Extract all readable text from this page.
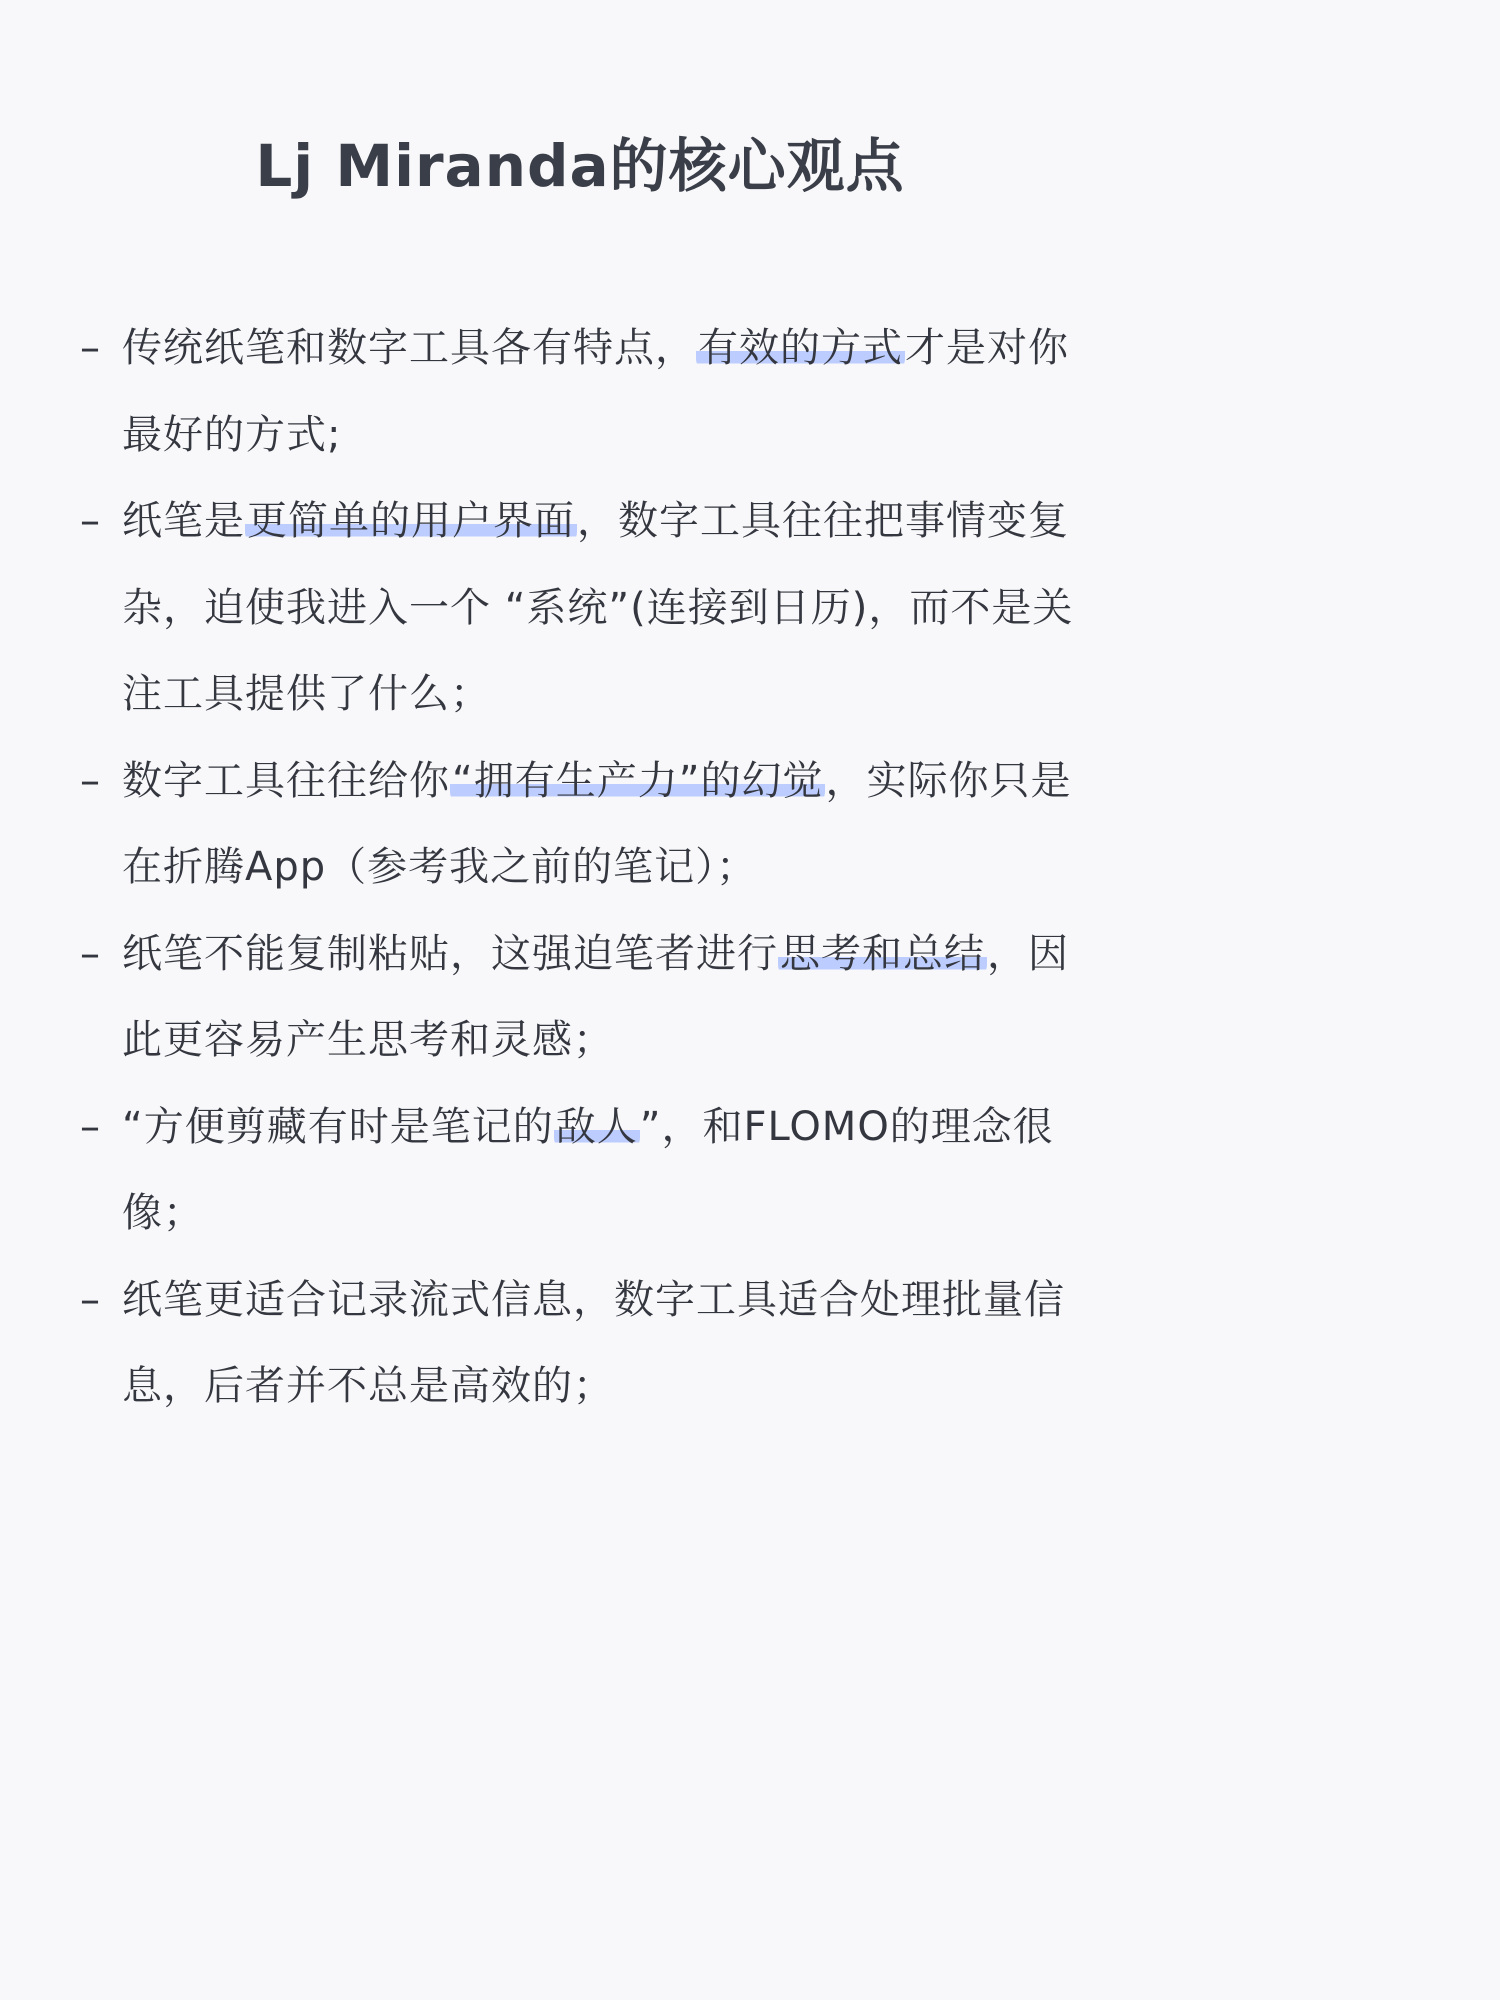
Lj Miranda的核心观点
– 传统纸笔和数字工具各有特点，有效的方式才是对你最好的方式;
– 纸笔是更简单的用户界面，数字工具往往把事情变复杂，迫使我进入一个 “系统”(连接到日历)，而不是关注工具提供了什么；
– 数字工具往往给你“拥有生产力”的幻觉，实际你只是在折腾App（参考我之前的笔记）；
– 纸笔不能复制粘贴，这强迫笔者进行思考和总结，因此更容易产生思考和灵感；
– “方便剪藏有时是笔记的敌人”，和FLOMO的理念很像；
– 纸笔更适合记录流式信息，数字工具适合处理批量信息，后者并不总是高效的；
